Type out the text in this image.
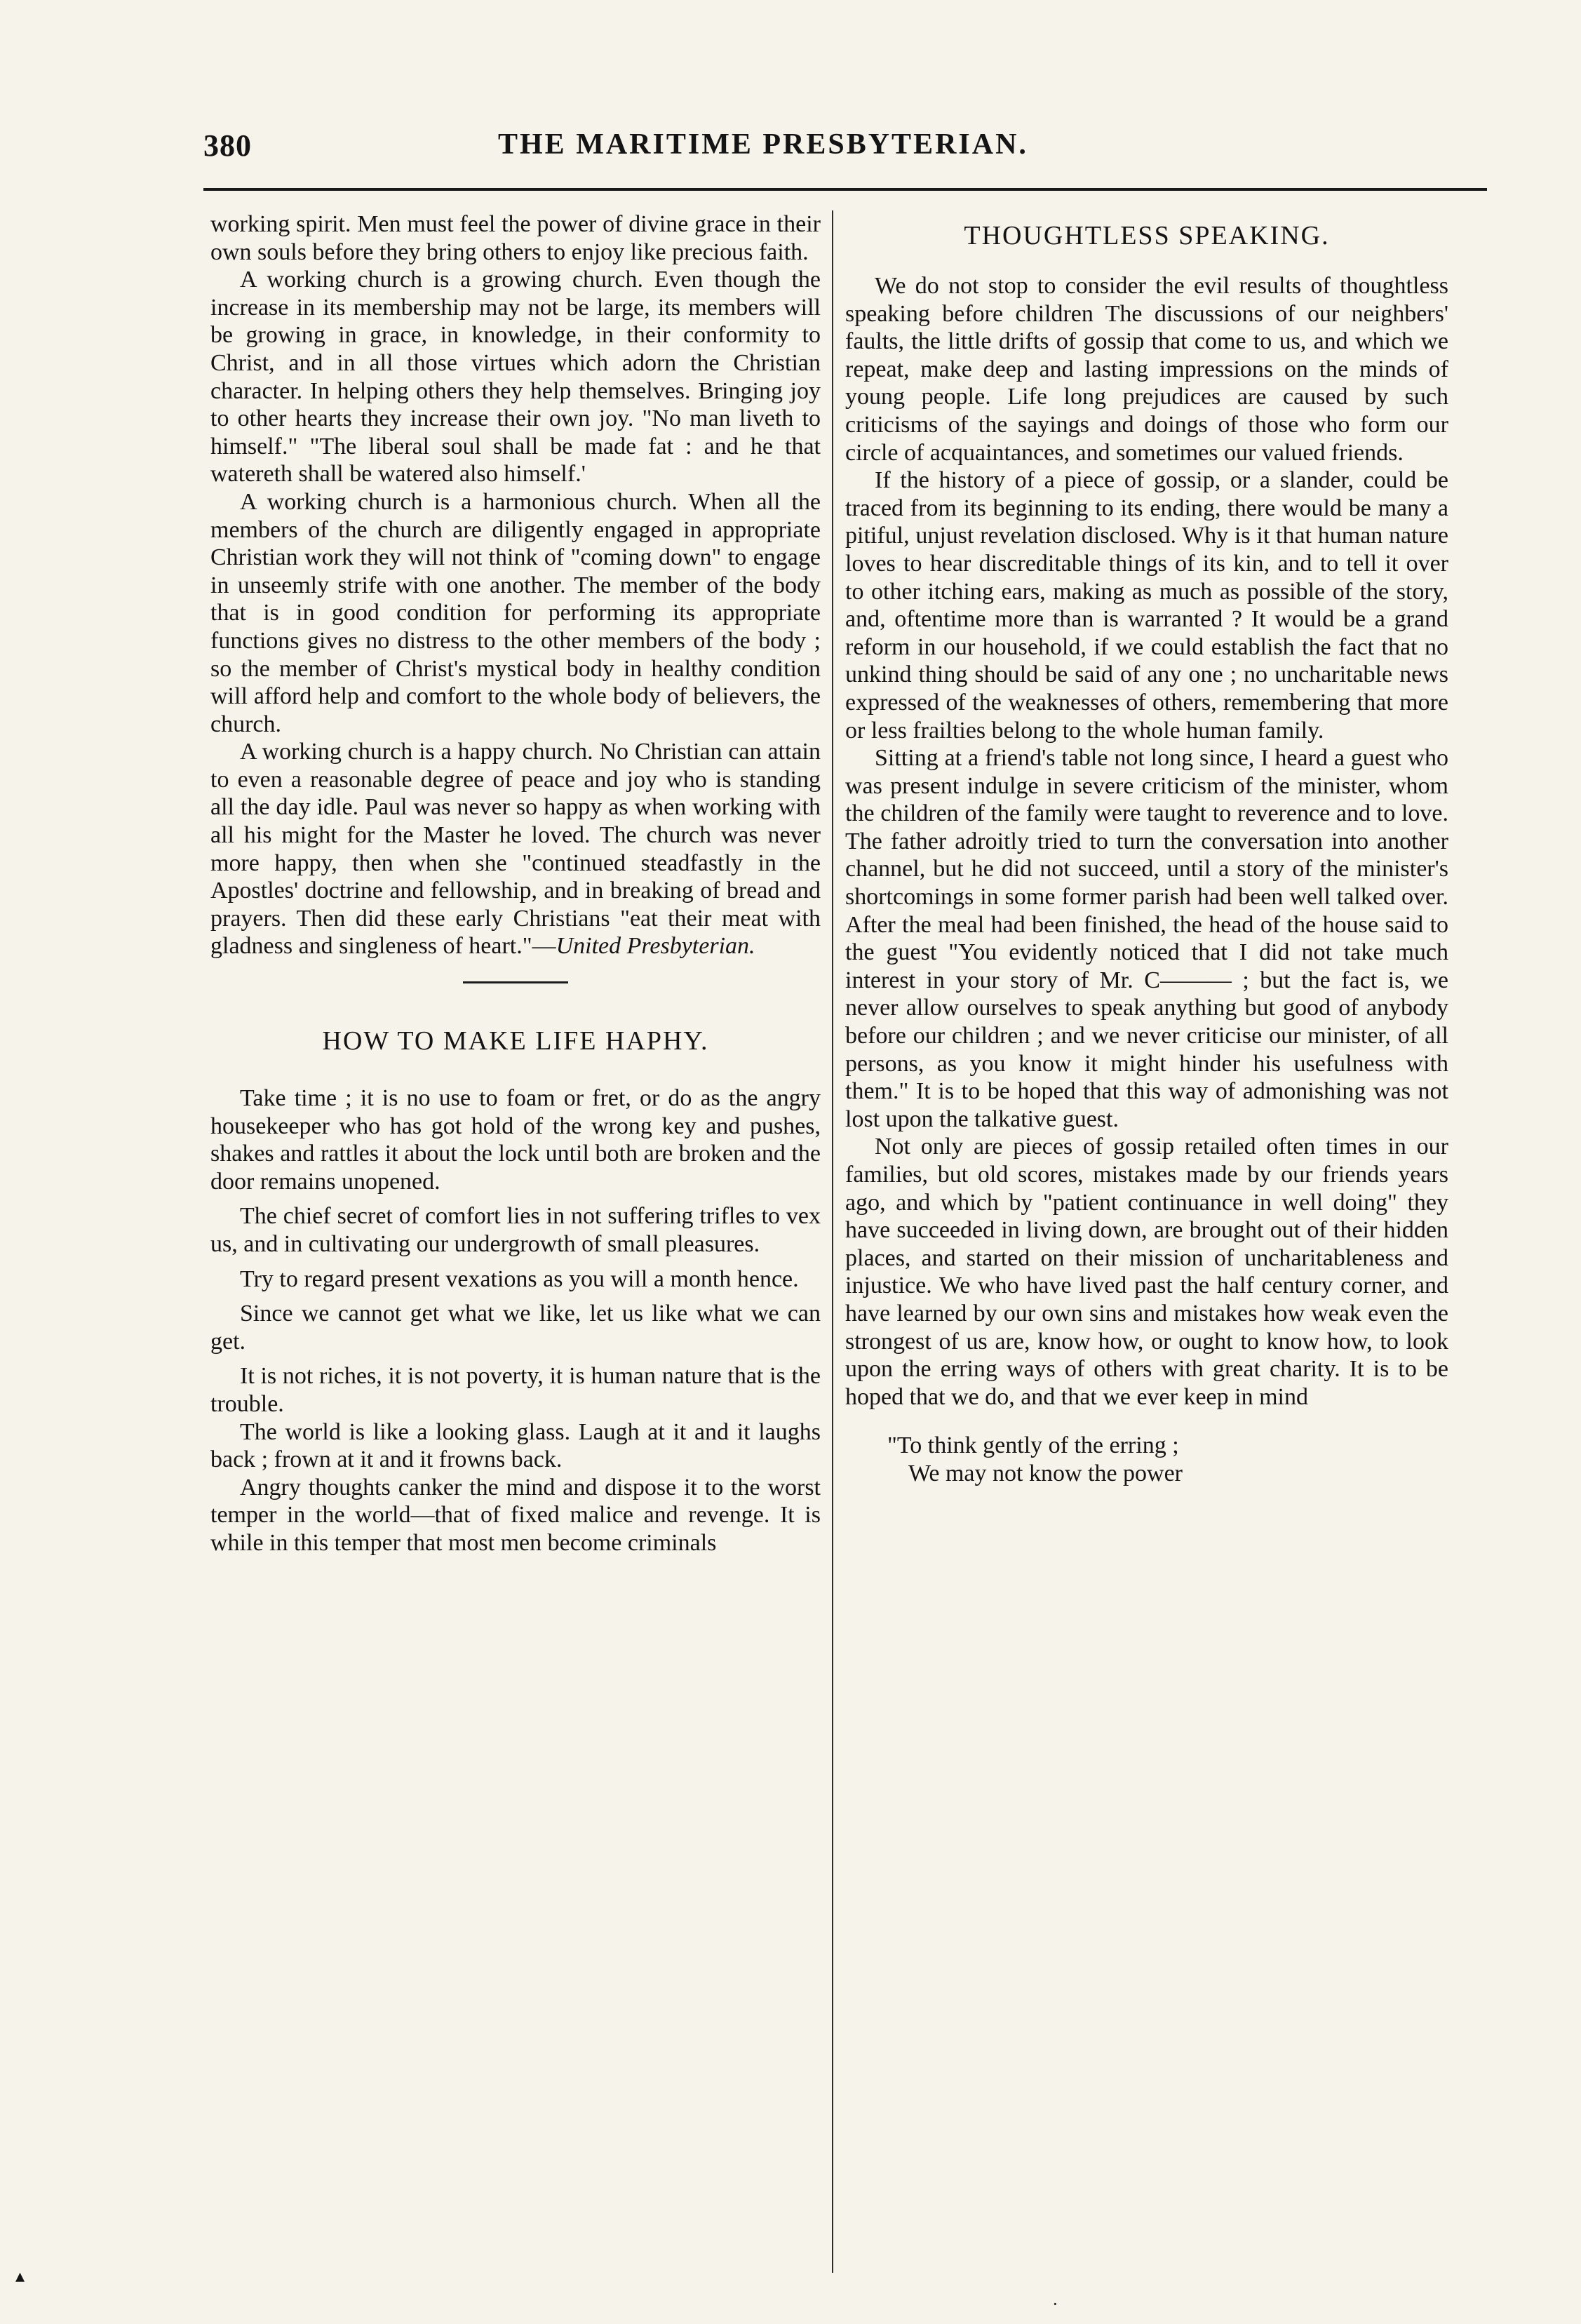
380	THE MARITIME PRESBYTERIAN.

working spirit. Men must feel the power of divine grace in their own souls before they bring others to enjoy like precious faith.

A working church is a growing church. Even though the increase in its membership may not be large, its members will be growing in grace, in knowledge, in their conformity to Christ, and in all those virtues which adorn the Christian character. In helping others they help themselves. Bringing joy to other hearts they increase their own joy. "No man liveth to himself." "The liberal soul shall be made fat : and he that watereth shall be watered also himself.'

A working church is a harmonious church. When all the members of the church are diligently engaged in appropriate Christian work they will not think of "coming down" to engage in unseemly strife with one another. The member of the body that is in good condition for performing its appropriate functions gives no distress to the other members of the body ; so the member of Christ's mystical body in healthy condition will afford help and comfort to the whole body of believers, the church.

A working church is a happy church. No Christian can attain to even a reasonable degree of peace and joy who is standing all the day idle. Paul was never so happy as when working with all his might for the Master he loved. The church was never more happy, then when she "continued steadfastly in the Apostles' doctrine and fellowship, and in breaking of bread and prayers. Then did these early Christians "eat their meat with gladness and singleness of heart."—United Presbyterian.

HOW TO MAKE LIFE HAPHY.

Take time ; it is no use to foam or fret, or do as the angry housekeeper who has got hold of the wrong key and pushes, shakes and rattles it about the lock until both are broken and the door remains unopened.

The chief secret of comfort lies in not suffering trifles to vex us, and in cultivating our undergrowth of small pleasures.

Try to regard present vexations as you will a month hence.

Since we cannot get what we like, let us like what we can get.

It is not riches, it is not poverty, it is human nature that is the trouble.

The world is like a looking glass. Laugh at it and it laughs back ; frown at it and it frowns back.

Angry thoughts canker the mind and dispose it to the worst temper in the world—that of fixed malice and revenge. It is while in this temper that most men become criminals

THOUGHTLESS SPEAKING.

We do not stop to consider the evil results of thoughtless speaking before children The discussions of our neighbers' faults, the little drifts of gossip that come to us, and which we repeat, make deep and lasting impressions on the minds of young people. Life long prejudices are caused by such criticisms of the sayings and doings of those who form our circle of acquaintances, and sometimes our valued friends.

If the history of a piece of gossip, or a slander, could be traced from its beginning to its ending, there would be many a pitiful, unjust revelation disclosed. Why is it that human nature loves to hear discreditable things of its kin, and to tell it over to other itching ears, making as much as possible of the story, and, oftentime more than is warranted ? It would be a grand reform in our household, if we could establish the fact that no unkind thing should be said of any one ; no uncharitable news expressed of the weaknesses of others, remembering that more or less frailties belong to the whole human family.

Sitting at a friend's table not long since, I heard a guest who was present indulge in severe criticism of the minister, whom the children of the family were taught to reverence and to love. The father adroitly tried to turn the conversation into another channel, but he did not succeed, until a story of the minister's shortcomings in some former parish had been well talked over. After the meal had been finished, the head of the house said to the guest "You evidently noticed that I did not take much interest in your story of Mr. C——— ; but the fact is, we never allow ourselves to speak anything but good of anybody before our children ; and we never criticise our minister, of all persons, as you know it might hinder his usefulness with them." It is to be hoped that this way of admonishing was not lost upon the talkative guest.

Not only are pieces of gossip retailed often times in our families, but old scores, mistakes made by our friends years ago, and which by "patient continuance in well doing" they have succeeded in living down, are brought out of their hidden places, and started on their mission of uncharitableness and injustice. We who have lived past the half century corner, and have learned by our own sins and mistakes how weak even the strongest of us are, know how, or ought to know how, to look upon the erring ways of others with great charity. It is to be hoped that we do, and that we ever keep in mind

"To think gently of the erring ;
We may not know the power
▴
·
